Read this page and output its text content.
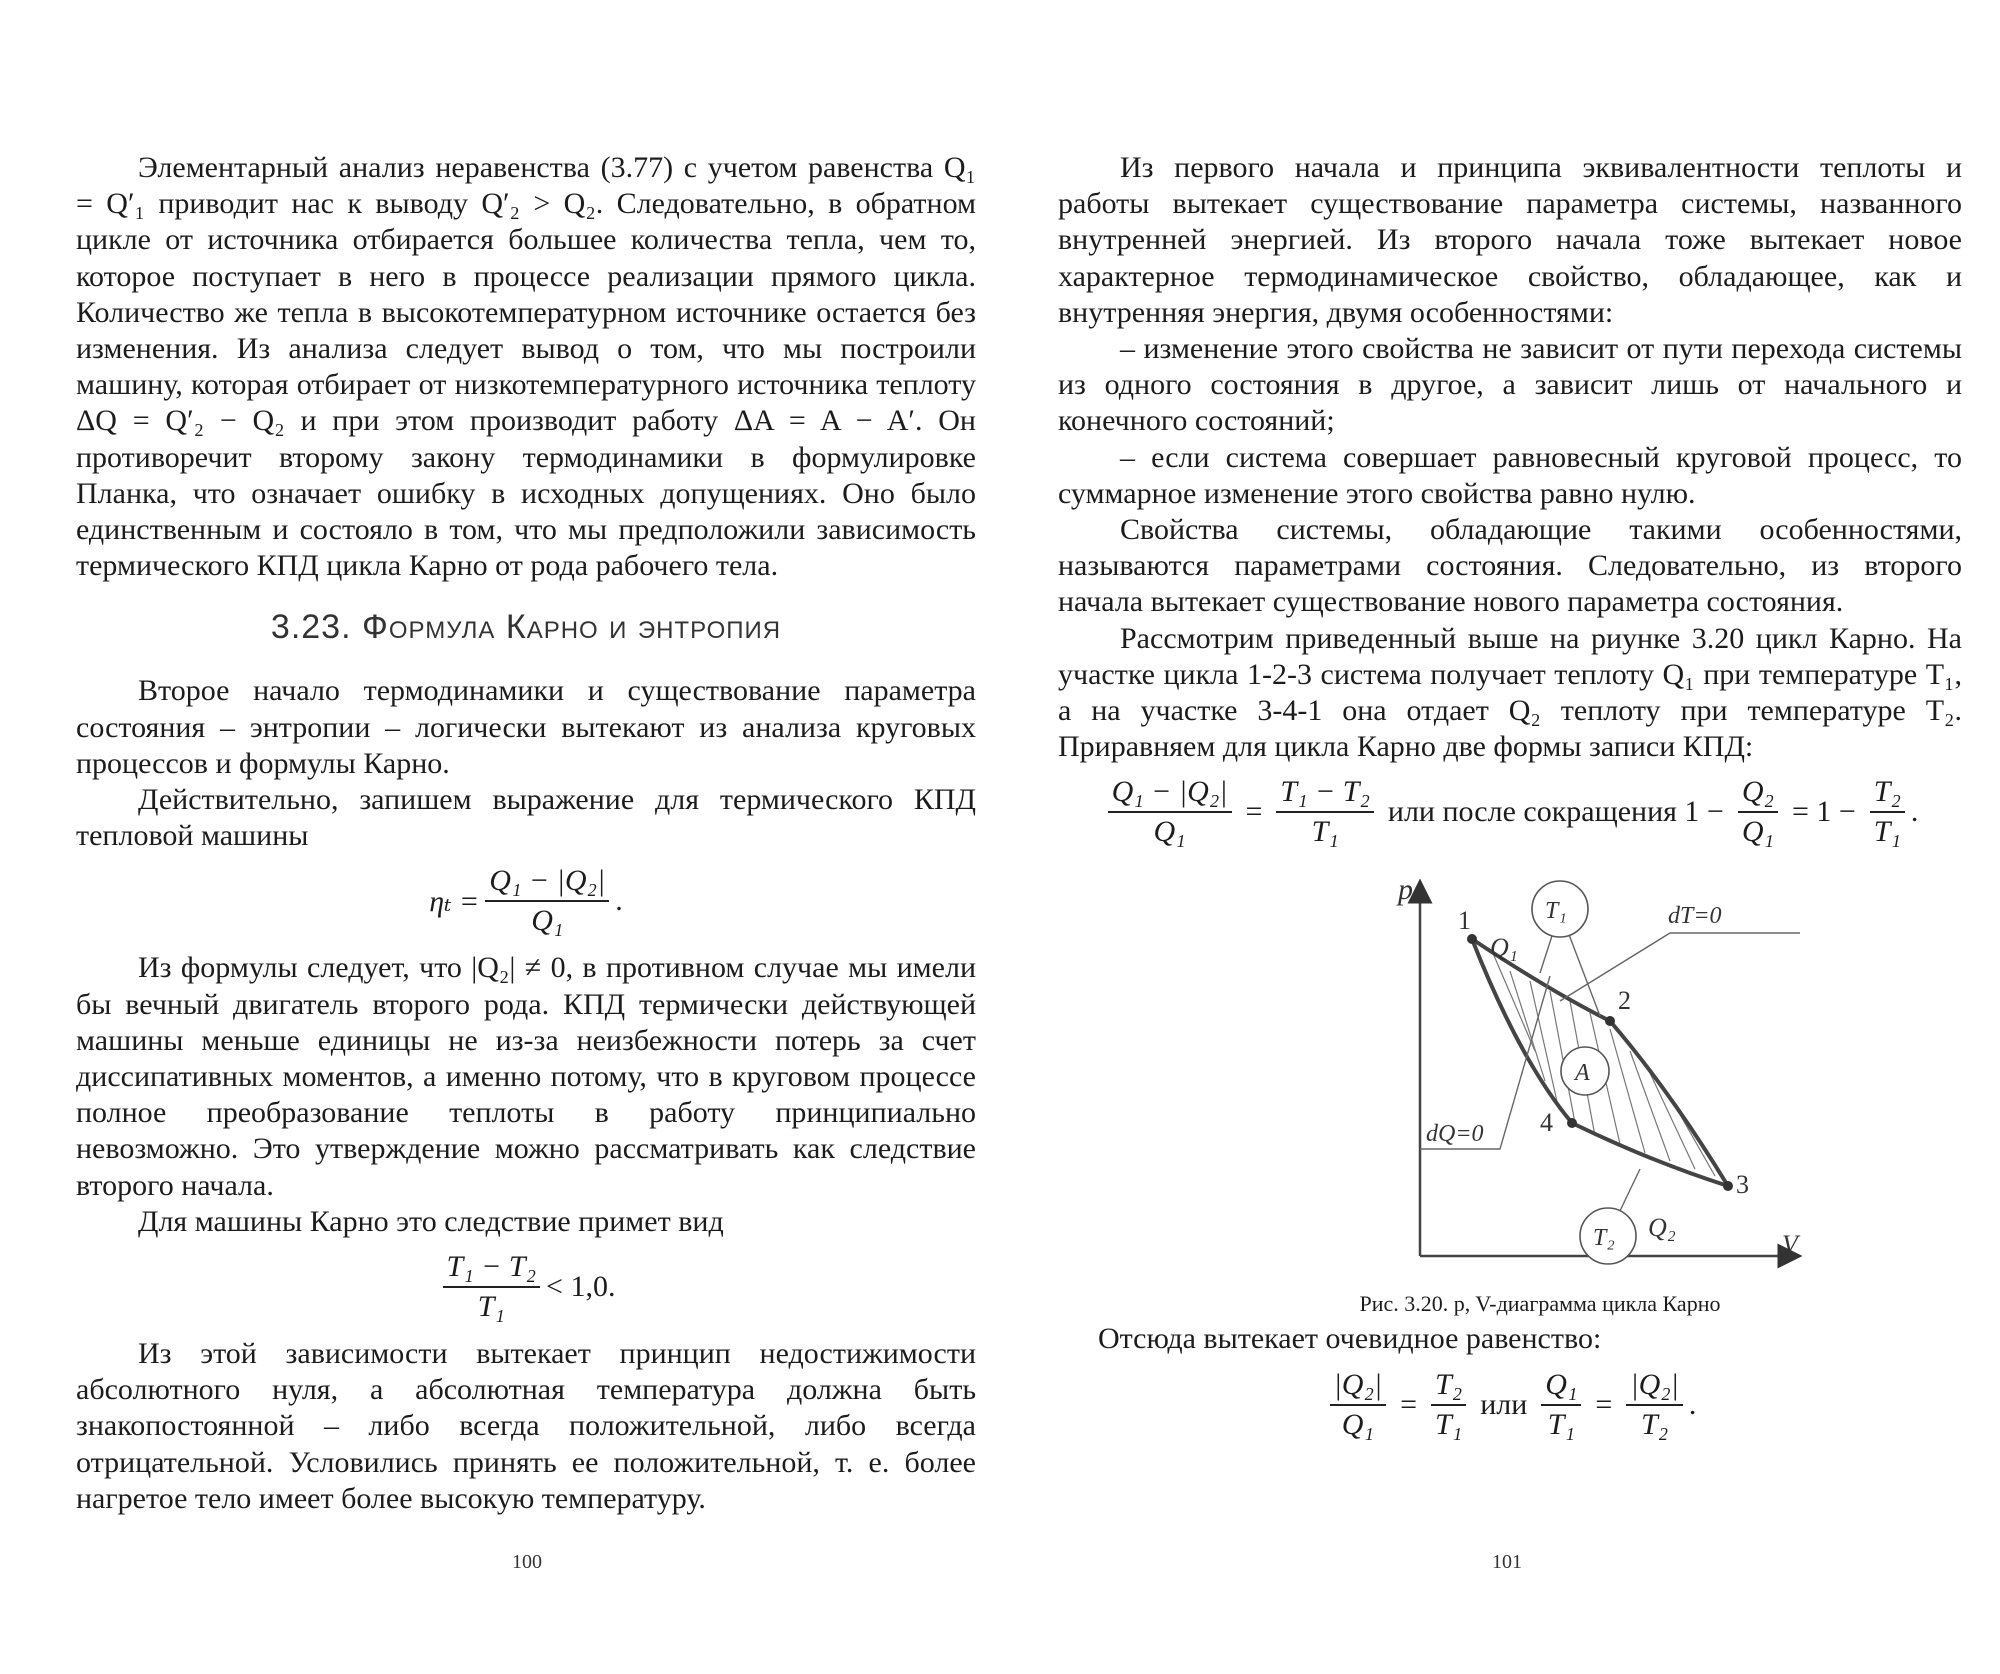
Элементарный анализ неравенства (3.77) с учетом равенства Q₁ = Q′₁ приводит нас к выводу Q′₂ > Q₂. Следовательно, в обратном цикле от источника отбирается большее количества тепла, чем то, которое поступает в него в процессе реализации прямого цикла. Количество же тепла в высокотемпературном источнике остается без изменения. Из анализа следует вывод о том, что мы построили машину, которая отбирает от низкотемпературного источника теплоту ΔQ = Q′₂ − Q₂ и при этом производит работу ΔA = A − A′. Он противоречит второму закону термодинамики в формулировке Планка, что означает ошибку в исходных допущениях. Оно было единственным и состояло в том, что мы предположили зависимость термического КПД цикла Карно от рода рабочего тела.

3.23. Формула Карно и энтропия

Второе начало термодинамики и существование параметра состояния – энтропии – логически вытекают из анализа круговых процессов и формулы Карно.

Действительно, запишем выражение для термического КПД тепловой машины

$\eta_t = \frac{\text{Q₁ − |Q₂|}}{\text{Q₁}}$ .

Из формулы следует, что |Q₂| ≠ 0, в противном случае мы имели бы вечный двигатель второго рода. КПД термически действующей машины меньше единицы не из-за неизбежности потерь за счет диссипативных моментов, а именно потому, что в круговом процессе полное преобразование теплоты в работу принципиально невозможно. Это утверждение можно рассматривать как следствие второго начала.

Для машины Карно это следствие примет вид

$\frac{\text{T₁ − T₂}}{\text{T₁}} < 1,0$.

Из этой зависимости вытекает принцип недостижимости абсолютного нуля, а абсолютная температура должна быть знакопостоянной – либо всегда положительной, либо всегда отрицательной. Условились принять ее положительной, т. е. более нагретое тело имеет более высокую температуру.

100

Из первого начала и принципа эквивалентности теплоты и работы вытекает существование параметра системы, названного внутренней энергией. Из второго начала тоже вытекает новое характерное термодинамическое свойство, обладающее, как и внутренняя энергия, двумя особенностями:

– изменение этого свойства не зависит от пути перехода системы из одного состояния в другое, а зависит лишь от начального и конечного состояний;

– если система совершает равновесный круговой процесс, то суммарное изменение этого свойства равно нулю.

Свойства системы, обладающие такими особенностями, называются параметрами состояния. Следовательно, из второго начала вытекает существование нового параметра состояния.

Рассмотрим приведенный выше на риунке 3.20 цикл Карно. На участке цикла 1-2-3 система получает теплоту Q₁ при температуре T₁, а на участке 3-4-1 она отдает Q₂ теплоту при температуре T₂. Приравняем для цикла Карно две формы записи КПД:

$\frac{\text{Q₁ − |Q₂|}}{\text{Q₁}} = \frac{\text{T₁ − T₂}}{\text{T₁}}$ или после сокращения $1 - \frac{\text{Q₂}}{\text{Q₁}} = 1 - \frac{\text{T₂}}{\text{T₁}}$ .
p
V
1
2
3
4
Q₁
Q₂
T₁
T₂
A
dT=0
dQ=0
Рис. 3.20. p, V-диаграмма цикла Карно

Отсюда вытекает очевидное равенство:

$\frac{\text{|Q₂|}}{\text{Q₁}} = \frac{\text{T₂}}{\text{T₁}}$ или $\frac{\text{Q₁}}{\text{T₁}} = \frac{\text{|Q₂|}}{\text{T₂}}$ .
101
